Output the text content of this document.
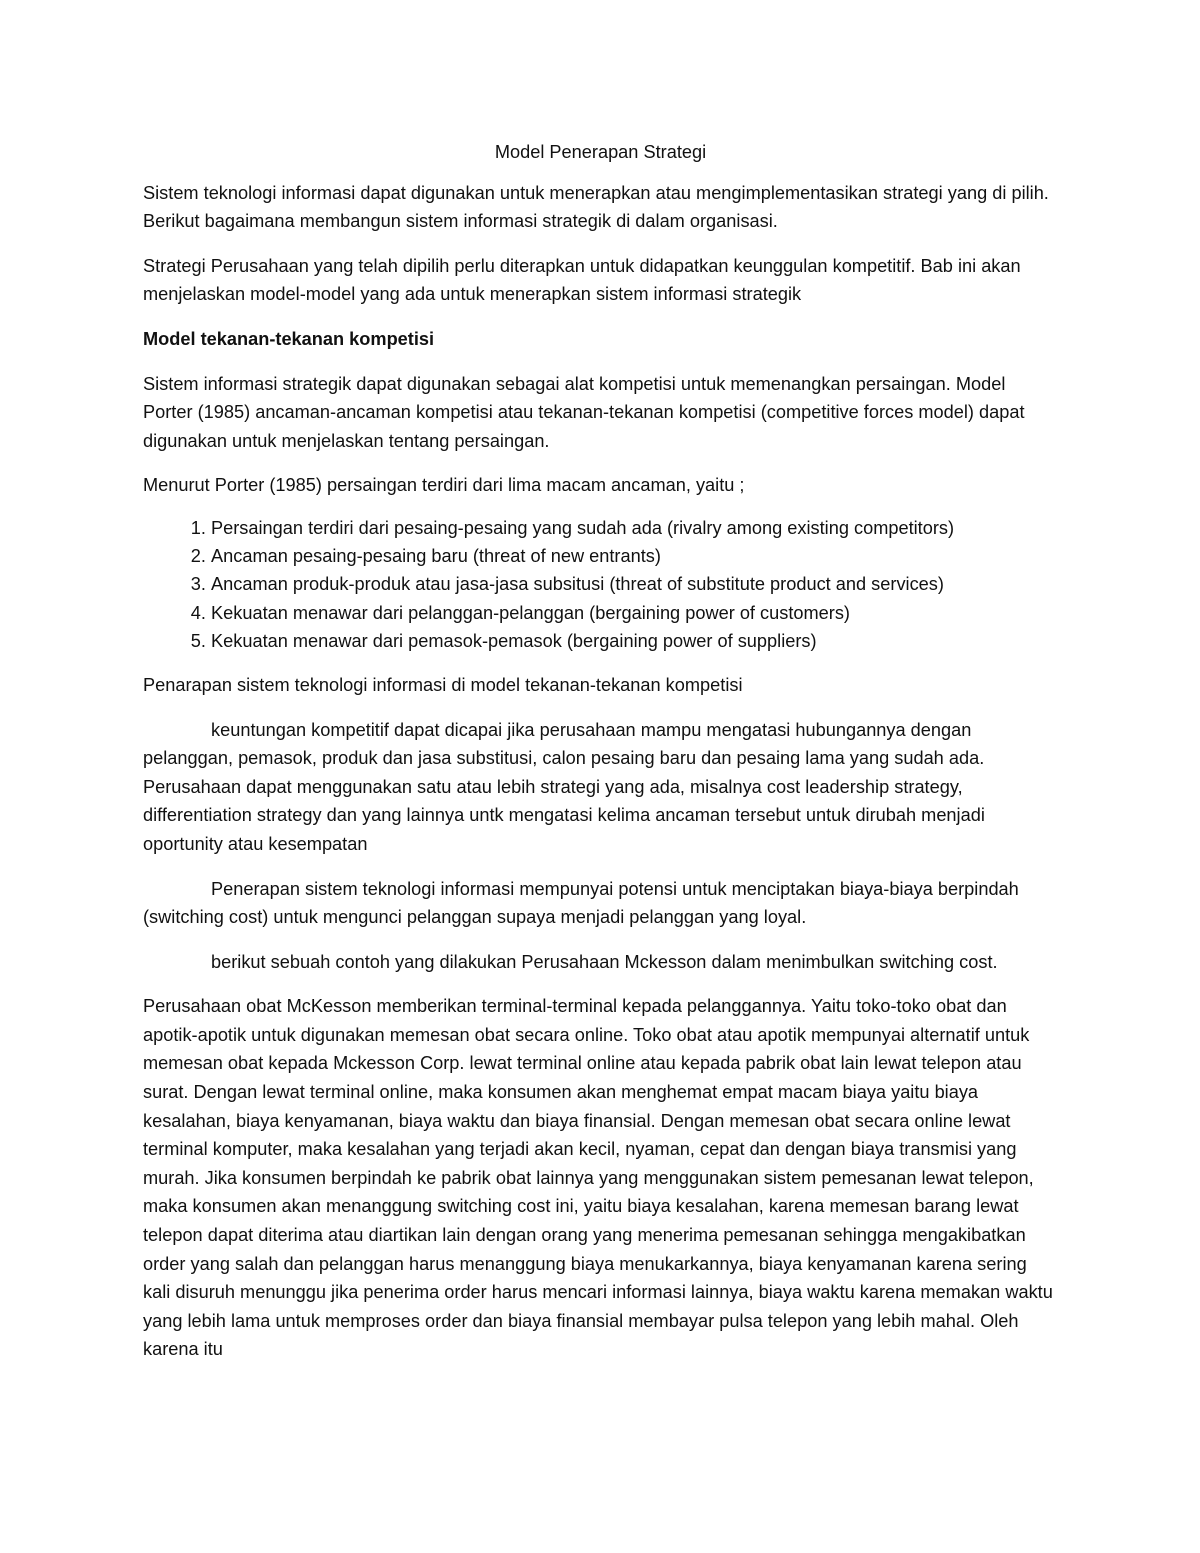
Model Penerapan Strategi

Sistem teknologi informasi dapat digunakan untuk menerapkan atau mengimplementasikan strategi yang di pilih. Berikut bagaimana membangun sistem informasi strategik di dalam organisasi.

Strategi Perusahaan yang telah dipilih perlu diterapkan untuk didapatkan keunggulan kompetitif. Bab ini akan menjelaskan model-model yang ada untuk menerapkan sistem informasi strategik

Model tekanan-tekanan kompetisi

Sistem informasi strategik dapat digunakan sebagai alat kompetisi untuk memenangkan persaingan. Model Porter (1985) ancaman-ancaman kompetisi atau tekanan-tekanan kompetisi (competitive forces model) dapat digunakan untuk menjelaskan tentang persaingan.

Menurut Porter (1985) persaingan terdiri dari lima macam ancaman, yaitu ;

1. Persaingan terdiri dari pesaing-pesaing yang sudah ada (rivalry among existing competitors)
2. Ancaman pesaing-pesaing baru (threat of new entrants)
3. Ancaman produk-produk atau jasa-jasa subsitusi (threat of substitute product and services)
4. Kekuatan menawar dari pelanggan-pelanggan (bergaining power of customers)
5. Kekuatan menawar dari pemasok-pemasok (bergaining power of suppliers)

Penarapan sistem teknologi informasi di model tekanan-tekanan kompetisi

keuntungan kompetitif dapat dicapai jika perusahaan mampu mengatasi hubungannya dengan pelanggan, pemasok, produk dan jasa substitusi, calon pesaing baru dan pesaing lama yang sudah ada. Perusahaan dapat menggunakan satu atau lebih strategi yang ada, misalnya cost leadership strategy, differentiation strategy dan yang lainnya untk mengatasi kelima ancaman tersebut untuk dirubah menjadi oportunity atau kesempatan

Penerapan sistem teknologi informasi mempunyai potensi untuk menciptakan biaya-biaya berpindah (switching cost) untuk mengunci pelanggan supaya menjadi pelanggan yang loyal.

berikut sebuah contoh yang dilakukan Perusahaan Mckesson dalam menimbulkan switching cost.

Perusahaan obat McKesson memberikan terminal-terminal kepada pelanggannya. Yaitu toko-toko obat dan apotik-apotik untuk digunakan memesan obat secara online. Toko obat atau apotik mempunyai alternatif untuk memesan obat kepada Mckesson Corp. lewat terminal online atau kepada pabrik obat lain lewat telepon atau surat. Dengan lewat terminal online, maka konsumen akan menghemat empat macam biaya yaitu biaya kesalahan, biaya kenyamanan, biaya waktu dan biaya finansial. Dengan memesan obat secara online lewat terminal komputer, maka kesalahan yang terjadi akan kecil, nyaman, cepat dan dengan biaya transmisi yang murah. Jika konsumen berpindah ke pabrik obat lainnya yang menggunakan sistem pemesanan lewat telepon, maka konsumen akan menanggung switching cost ini, yaitu biaya kesalahan, karena memesan barang lewat telepon dapat diterima atau diartikan lain dengan orang yang menerima pemesanan sehingga mengakibatkan order yang salah dan pelanggan harus menanggung biaya menukarkannya, biaya kenyamanan karena sering kali disuruh menunggu jika penerima order harus mencari informasi lainnya, biaya waktu karena memakan waktu yang lebih lama untuk memproses order dan biaya finansial membayar pulsa telepon yang lebih mahal. Oleh karena itu
